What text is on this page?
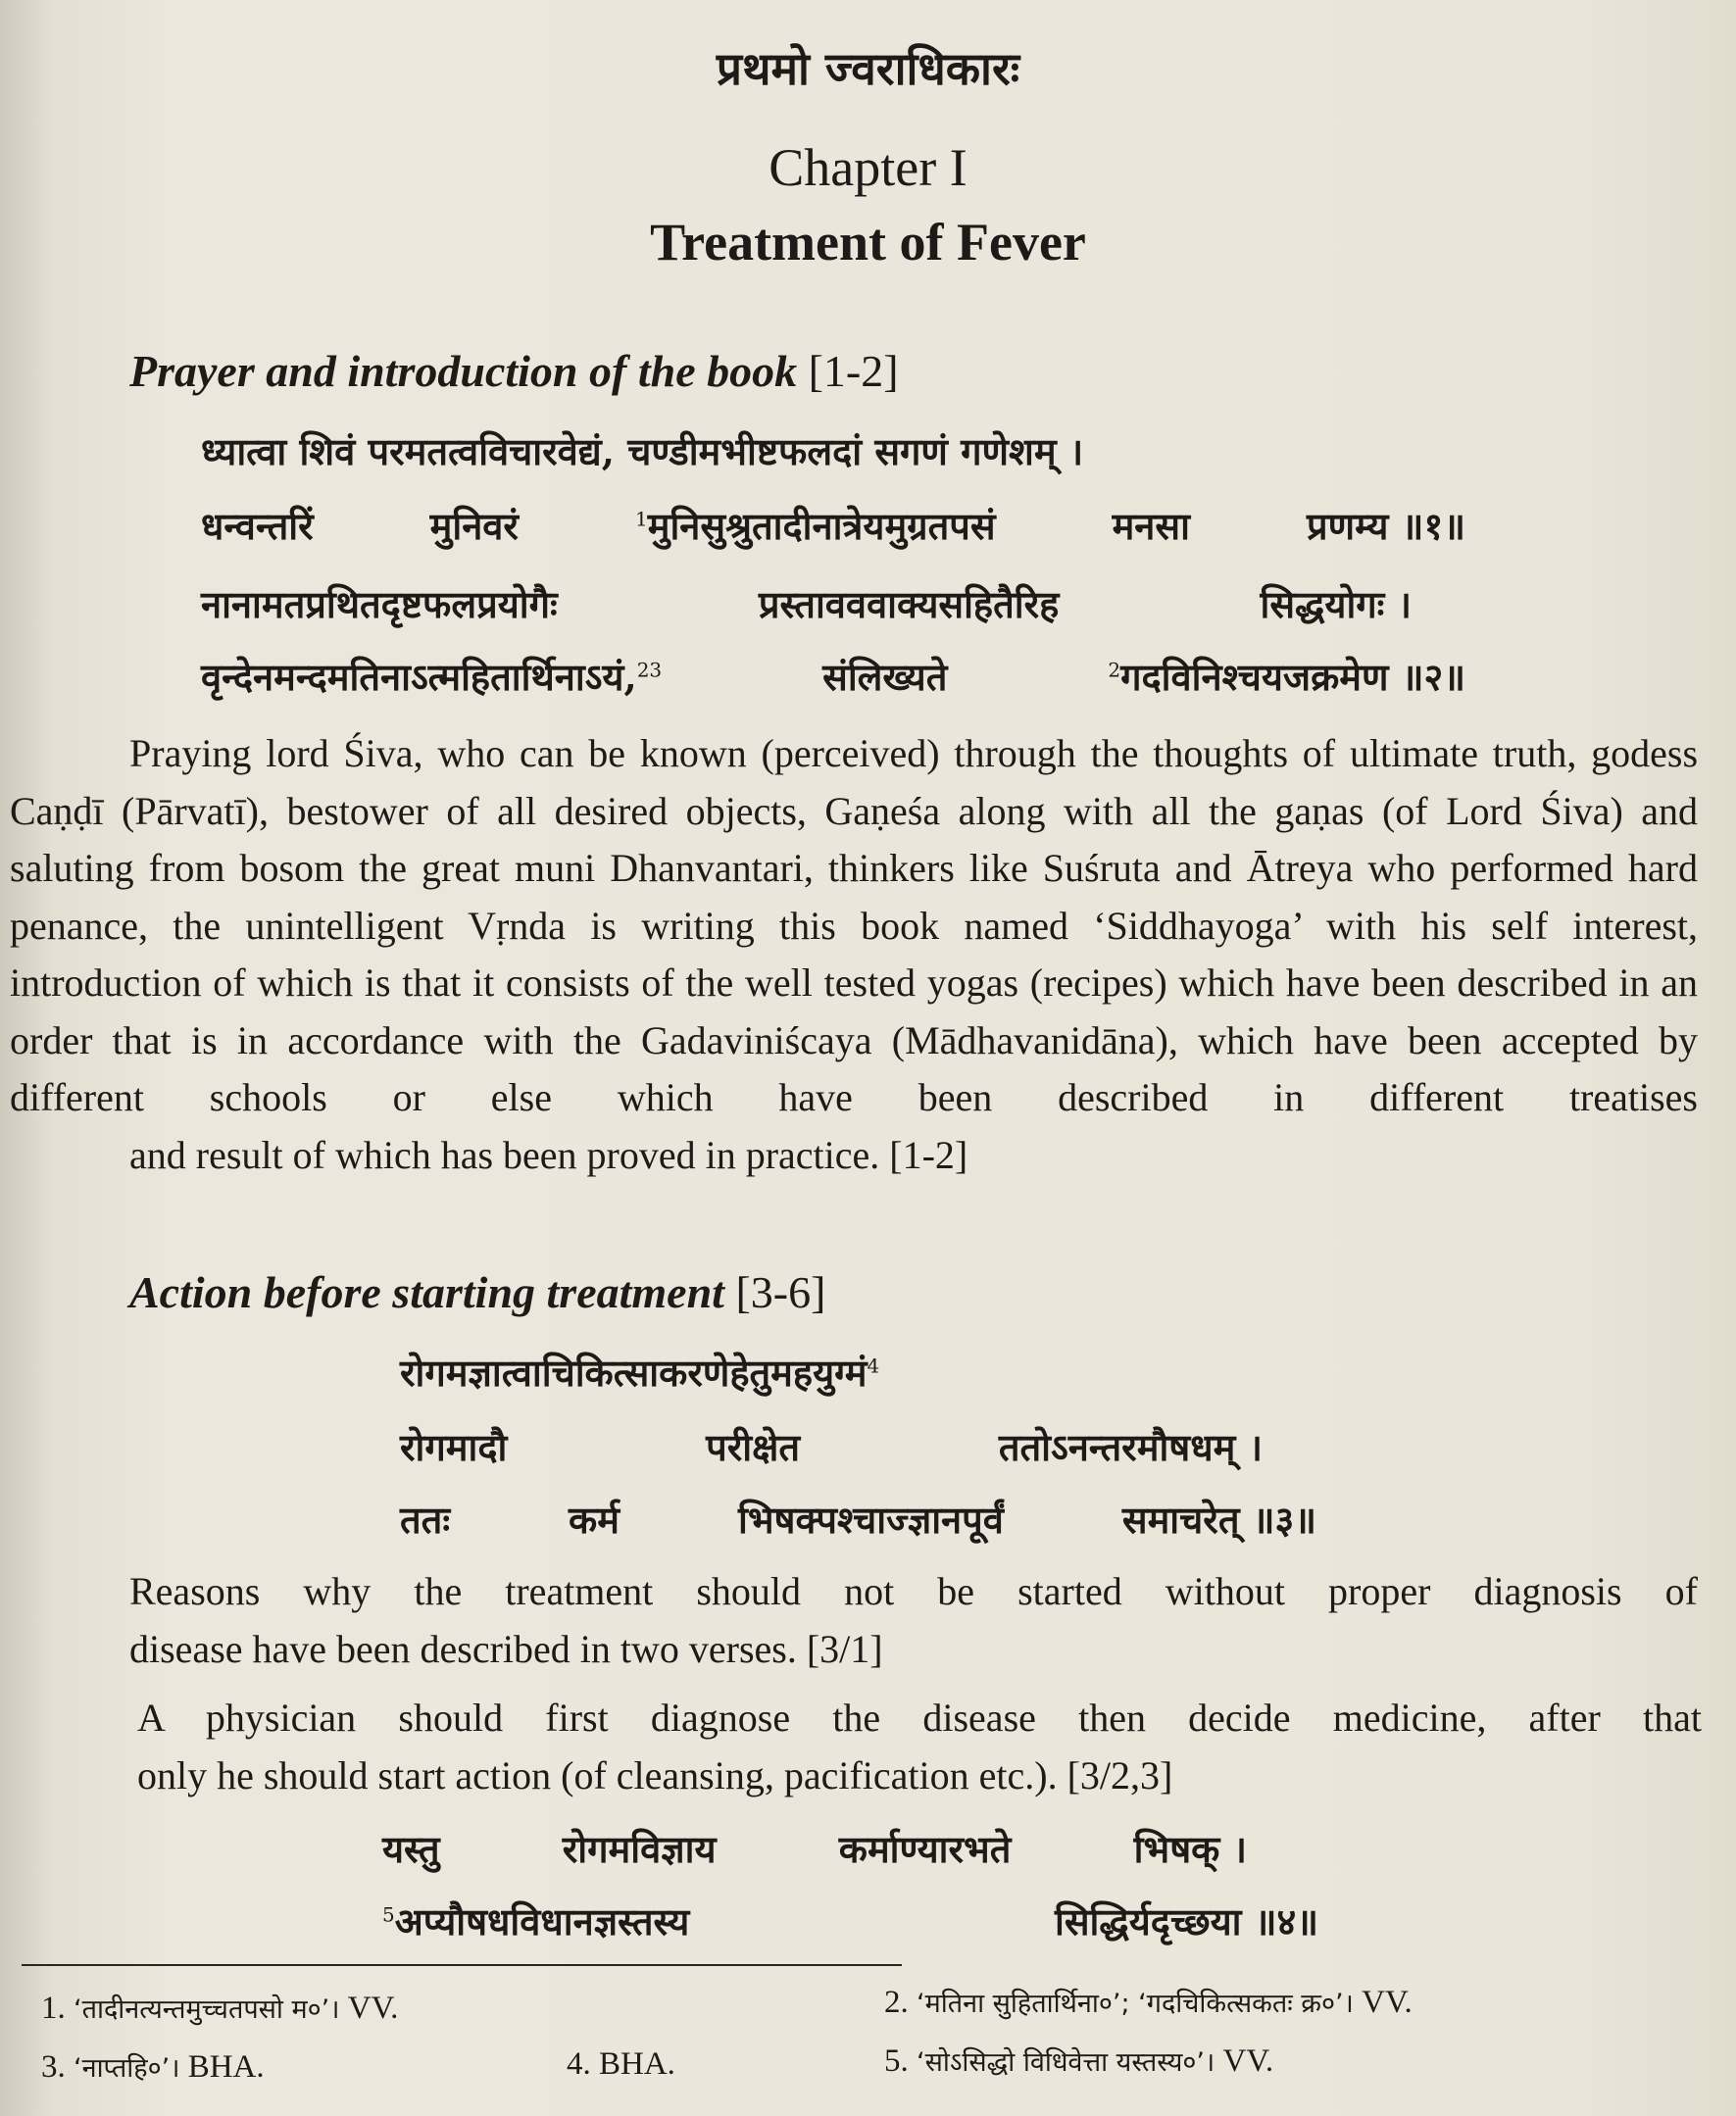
प्रथमो ज्वराधिकारः
Chapter I
Treatment of Fever
Prayer and introduction of the book [1-2]
ध्यात्वा शिवं परमतत्वविचारवेद्यं, चण्डीमभीष्टफलदां सगणं गणेशम् ।
धन्वन्तरिं	मुनिवरं	$^1$मुनिसुश्रुतादीनात्रेयमुग्रतपसं	मनसा	प्रणम्य ॥१॥
नानामतप्रथितदृष्टफलप्रयोगैः	प्रस्तावववाक्यसहितैरिह	सिद्धयोगः ।
वृन्देनमन्दमतिनाऽत्महितार्थिनाऽयं,$^{23}$	संलिख्यते	$^2$गदविनिश्चयजक्रमेण ॥२॥
Praying lord Śiva, who can be known (perceived) through the thoughts of ultimate truth, godess Caṇḍī (Pārvatī), bestower of all desired objects, Gaṇeśa along with all the gaṇas (of Lord Śiva) and saluting from bosom the great muni Dhanvantari, thinkers like Suśruta and Ātreya who performed hard penance, the unintelligent Vṛnda is writing this book named ‘Siddhayoga’ with his self interest, introduction of which is that it consists of the well tested yogas (recipes) which have been described in an order that is in accordance with the Gadaviniścaya (Mādhavanidāna), which have been accepted by different schools or else which have been described in different treatises
and result of which has been proved in practice. [1-2]
Action before starting treatment [3-6]
रोगमज्ञात्वाचिकित्साकरणेहेतुमहयुग्मं$^4$
रोगमादौ	परीक्षेत	ततोऽनन्तरमौषधम् ।
ततः	कर्म	भिषक्पश्चाज्ज्ञानपूर्वं	समाचरेत् ॥३॥
Reasons why the treatment should not be started without proper diagnosis of
disease have been described in two verses. [3/1]
A physician should first diagnose the disease then decide medicine, after that
only he should start action (of cleansing, pacification etc.). [3/2,3]
यस्तु	रोगमविज्ञाय	कर्माण्यारभते	भिषक् ।
$^5$अप्यौषधविधानज्ञस्तस्य	सिद्धिर्यदृच्छया ॥४॥
1. ‘तादीनत्यन्तमुच्चतपसो म०’। VV.	2. ‘मतिना सुहितार्थिना०’; ‘गदचिकित्सकतः क्र०’। VV.
3. ‘नाप्तहि०’। BHA.	4. BHA.	5. ‘सोऽसिद्धो विधिवेत्ता यस्तस्य०’। VV.
